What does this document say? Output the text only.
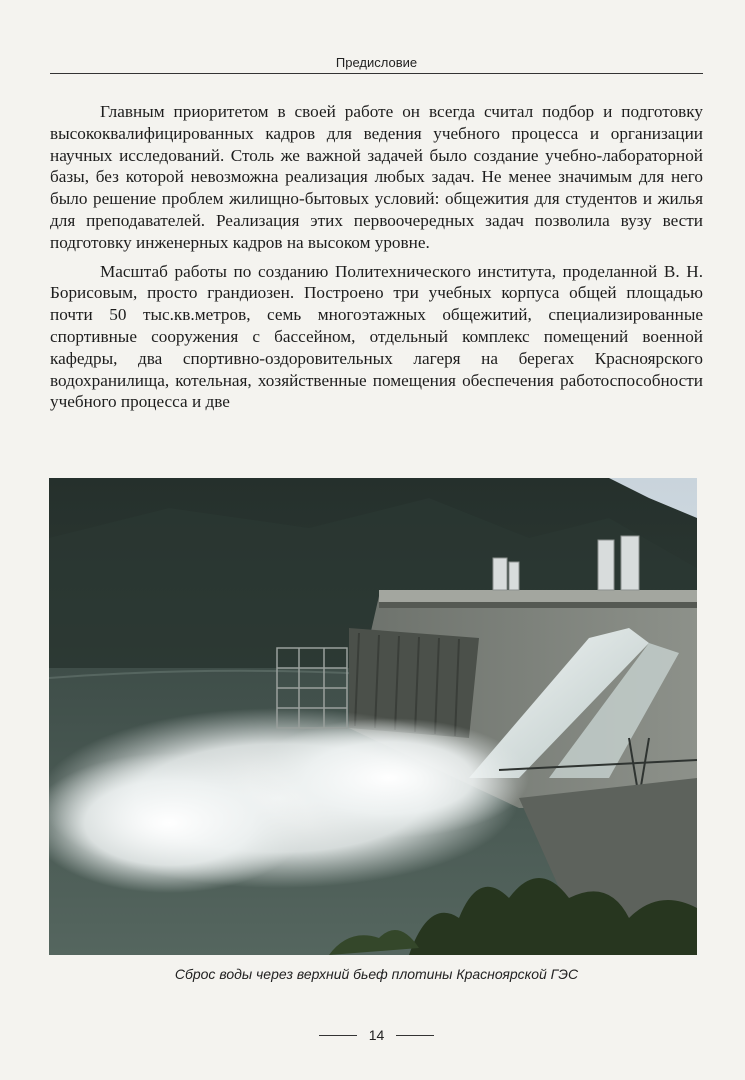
Предисловие

Главным приоритетом в своей работе он всегда считал подбор и подготовку высококвалифицированных кадров для ведения учебного процесса и организации научных исследований. Столь же важной задачей было создание учебно-лабораторной базы, без которой невозможна реализация любых задач. Не менее значимым для него было решение проблем жилищно-бытовых условий: общежития для студентов и жилья для преподавателей. Реализация этих первоочередных задач позволила вузу вести подготовку инженерных кадров на высоком уровне.

Масштаб работы по созданию Политехнического института, проделанной В. Н. Борисовым, просто грандиозен. Построено три учебных корпуса общей площадью почти 50 тыс.кв.метров, семь многоэтажных общежитий, специализированные спортивные сооружения с бассейном, отдельный комплекс помещений военной кафедры, два спортивно-оздоровительных лагеря на берегах Красноярского водохранилища, котельная, хозяйственные помещения обеспечения работоспособности учебного процесса и две

Сброс воды через верхний бьеф плотины Красноярской ГЭС
14
